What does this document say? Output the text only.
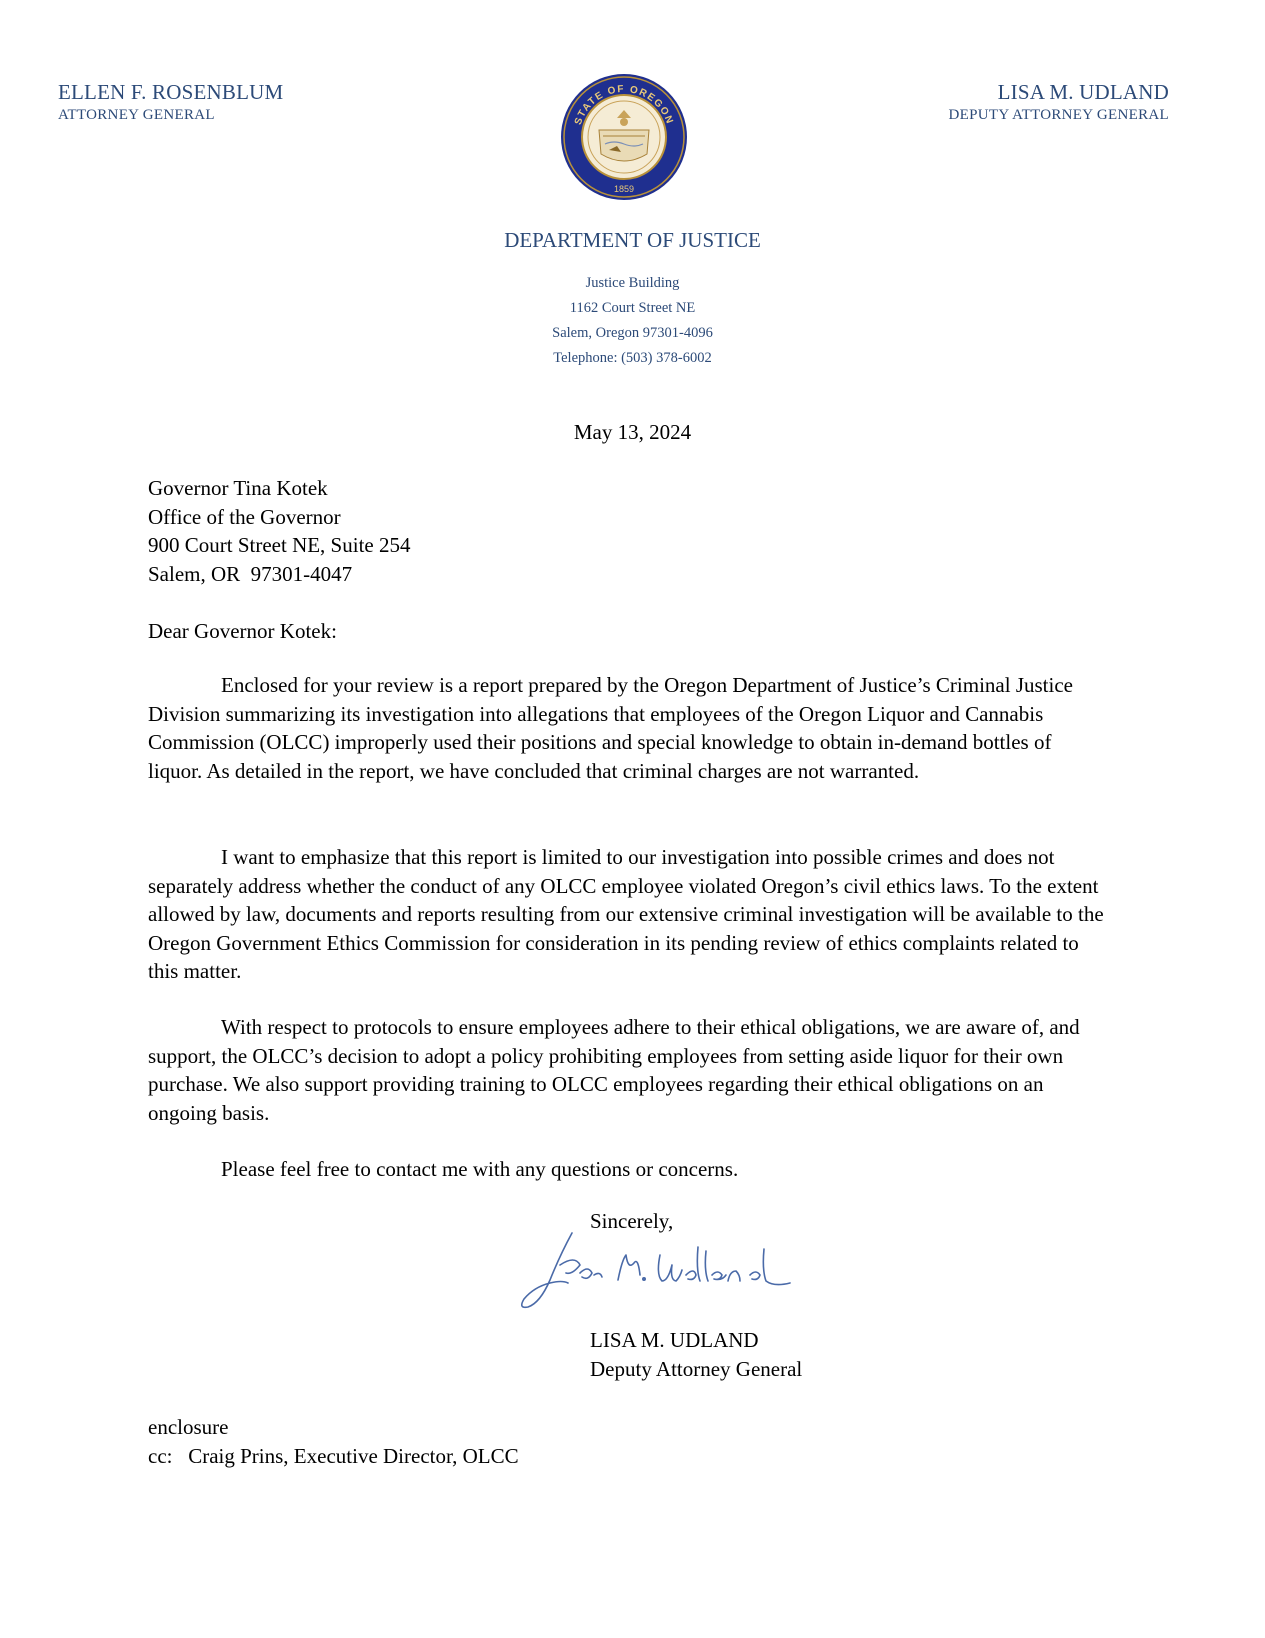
ELLEN F. ROSENBLUM
ATTORNEY GENERAL
LISA M. UDLAND
DEPUTY ATTORNEY GENERAL
STATE OF OREGON
1859
DEPARTMENT OF JUSTICE
Justice Building
1162 Court Street NE
Salem, Oregon 97301-4096
Telephone: (503) 378-6002
May 13, 2024
Governor Tina Kotek
Office of the Governor
900 Court Street NE, Suite 254
Salem, OR  97301-4047
Dear Governor Kotek:
Enclosed for your review is a report prepared by the Oregon Department of Justice’s Criminal Justice Division summarizing its investigation into allegations that employees of the Oregon Liquor and Cannabis Commission (OLCC) improperly used their positions and special knowledge to obtain in-demand bottles of liquor. As detailed in the report, we have concluded that criminal charges are not warranted.
I want to emphasize that this report is limited to our investigation into possible crimes and does not separately address whether the conduct of any OLCC employee violated Oregon’s civil ethics laws. To the extent allowed by law, documents and reports resulting from our extensive criminal investigation will be available to the Oregon Government Ethics Commission for consideration in its pending review of ethics complaints related to this matter.
With respect to protocols to ensure employees adhere to their ethical obligations, we are aware of, and support, the OLCC’s decision to adopt a policy prohibiting employees from setting aside liquor for their own purchase. We also support providing training to OLCC employees regarding their ethical obligations on an ongoing basis.
Please feel free to contact me with any questions or concerns.
Sincerely,
Lisa M. Udland
LISA M. UDLAND
Deputy Attorney General
enclosure
cc:   Craig Prins, Executive Director, OLCC
